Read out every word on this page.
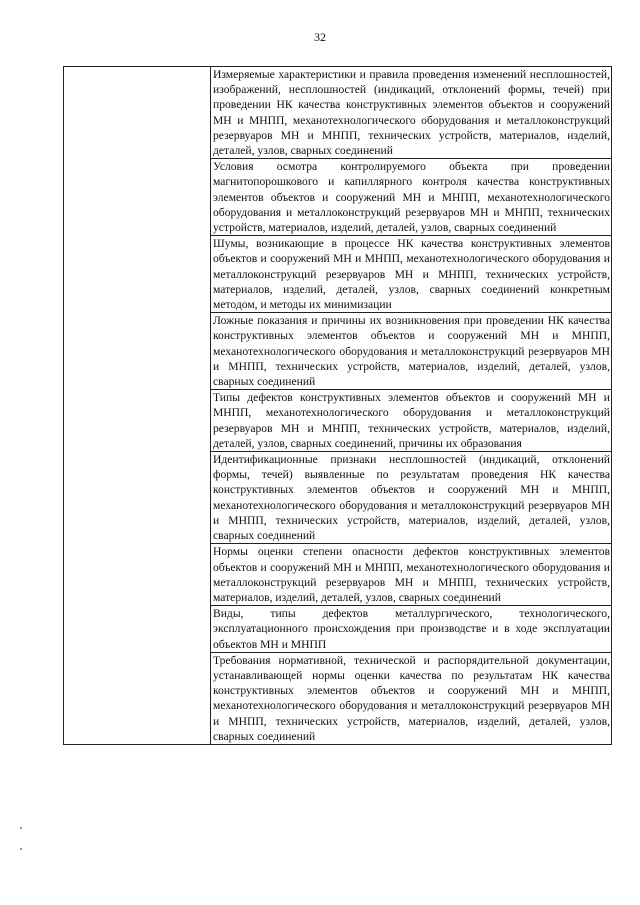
32

Измеряемые характеристики и правила проведения изменений несплошностей, изображений, несплошностей (индикаций, отклонений формы, течей) при проведении НК качества конструктивных элементов объектов и сооружений МН и МНПП, механотехнологического оборудования и металлоконструкций резервуаров МН и МНПП, технических устройств, материалов, изделий, деталей, узлов, сварных соединений

Условия осмотра контролируемого объекта при проведении магнитопорошкового и капиллярного контроля качества конструктивных элементов объектов и сооружений МН и МНПП, механотехнологического оборудования и металлоконструкций резервуаров МН и МНПП, технических устройств, материалов, изделий, деталей, узлов, сварных соединений

Шумы, возникающие в процессе НК качества конструктивных элементов объектов и сооружений МН и МНПП, механотехнологического оборудования и металлоконструкций резервуаров МН и МНПП, технических устройств, материалов, изделий, деталей, узлов, сварных соединений конкретным методом, и методы их минимизации

Ложные показания и причины их возникновения при проведении НК качества конструктивных элементов объектов и сооружений МН и МНПП, механотехнологического оборудования и металлоконструкций резервуаров МН и МНПП, технических устройств, материалов, изделий, деталей, узлов, сварных соединений

Типы дефектов конструктивных элементов объектов и сооружений МН и МНПП, механотехнологического оборудования и металлоконструкций резервуаров МН и МНПП, технических устройств, материалов, изделий, деталей, узлов, сварных соединений, причины их образования

Идентификационные признаки несплошностей (индикаций, отклонений формы, течей) выявленные по результатам проведения НК качества конструктивных элементов объектов и сооружений МН и МНПП, механотехнологического оборудования и металлоконструкций резервуаров МН и МНПП, технических устройств, материалов, изделий, деталей, узлов, сварных соединений

Нормы оценки степени опасности дефектов конструктивных элементов объектов и сооружений МН и МНПП, механотехнологического оборудования и металлоконструкций резервуаров МН и МНПП, технических устройств, материалов, изделий, деталей, узлов, сварных соединений

Виды, типы дефектов металлургического, технологического, эксплуатационного происхождения при производстве и в ходе эксплуатации объектов МН и МНПП

Требования нормативной, технической и распорядительной документации, устанавливающей нормы оценки качества по результатам НК качества конструктивных элементов объектов и сооружений МН и МНПП, механотехнологического оборудования и металлоконструкций резервуаров МН и МНПП, технических устройств, материалов, изделий, деталей, узлов, сварных соединений
